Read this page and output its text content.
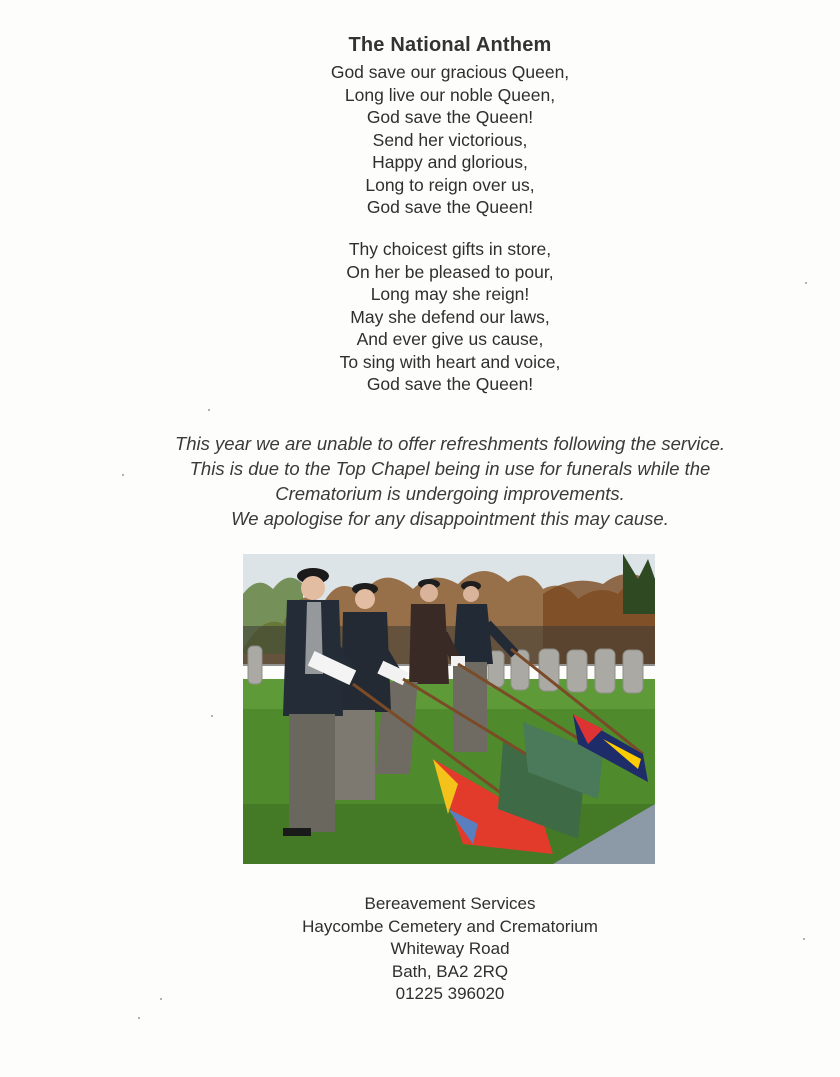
The National Anthem
God save our gracious Queen,
Long live our noble Queen,
God save the Queen!
Send her victorious,
Happy and glorious,
Long to reign over us,
God save the Queen!
Thy choicest gifts in store,
On her be pleased to pour,
Long may she reign!
May she defend our laws,
And ever give us cause,
To sing with heart and voice,
God save the Queen!
This year we are unable to offer refreshments following the service.
This is due to the Top Chapel being in use for funerals while the
Crematorium is undergoing improvements.
We apologise for any disappointment this may cause.
Bereavement Services
Haycombe Cemetery and Crematorium
Whiteway Road
Bath, BA2 2RQ
01225 396020
